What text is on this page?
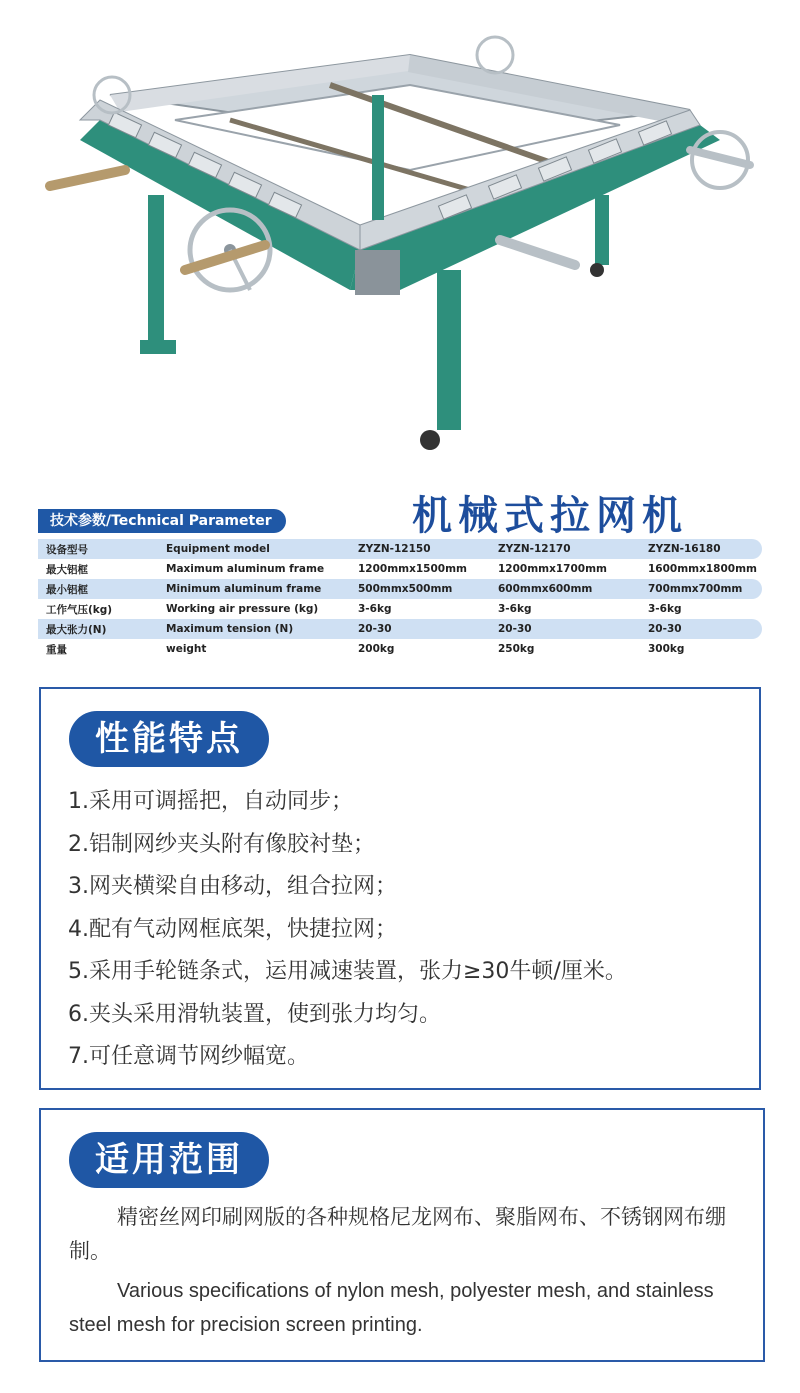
技术参数/Technical Parameter	机械式拉网机
设备型号	Equipment model	ZYZN-12150	ZYZN-12170	ZYZN-16180
最大铝框	Maximum aluminum frame	1200mmx1500mm	1200mmx1700mm	1600mmx1800mm
最小铝框	Minimum aluminum frame	500mmx500mm	600mmx600mm	700mmx700mm
工作气压(kg)	Working air pressure (kg)	3-6kg	3-6kg	3-6kg
最大张力(N)	Maximum tension (N)	20-30	20-30	20-30
重量	weight	200kg	250kg	300kg
性能特点
1.采用可调摇把，自动同步；
2.铝制网纱夹头附有像胶衬垫；
3.网夹横梁自由移动，组合拉网；
4.配有气动网框底架，快捷拉网；
5.采用手轮链条式，运用减速装置，张力≥30牛顿/厘米。
6.夹头采用滑轨装置，使到张力均匀。
7.可任意调节网纱幅宽。
适用范围
精密丝网印刷网版的各种规格尼龙网布、聚脂网布、不锈钢网布绷制。
Various specifications of nylon mesh, polyester mesh, and stainless steel mesh for precision screen printing.
